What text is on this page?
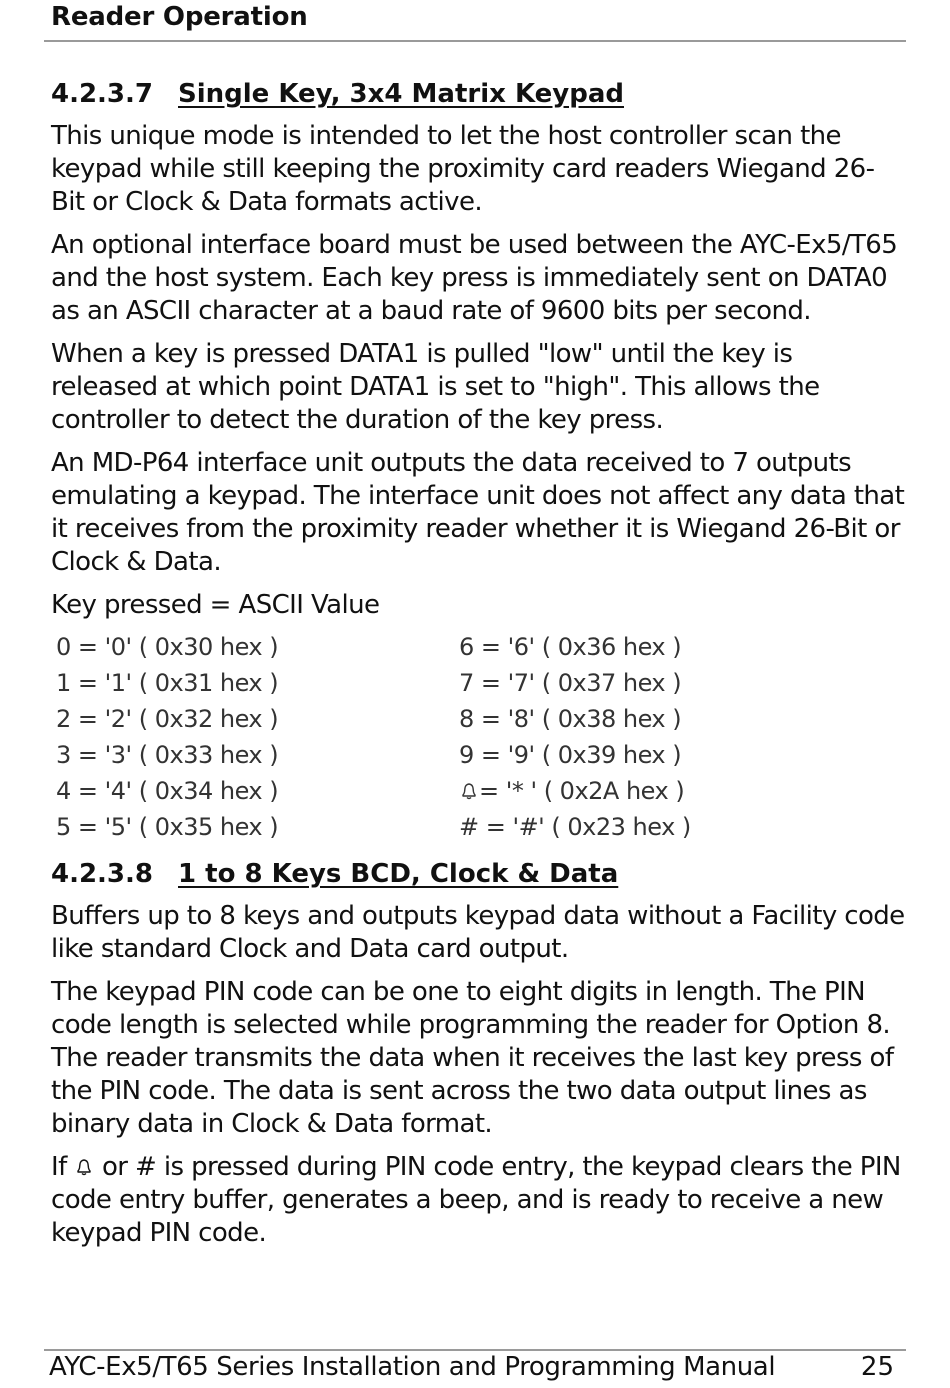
Reader Operation
4.2.3.7 Single Key, 3x4 Matrix Keypad

This unique mode is intended to let the host controller scan the keypad while still keeping the proximity card readers Wiegand 26-Bit or Clock & Data formats active.

An optional interface board must be used between the AYC-Ex5/T65 and the host system. Each key press is immediately sent on DATA0 as an ASCII character at a baud rate of 9600 bits per second.

When a key is pressed DATA1 is pulled "low" until the key is released at which point DATA1 is set to "high". This allows the controller to detect the duration of the key press.

An MD-P64 interface unit outputs the data received to 7 outputs emulating a keypad. The interface unit does not affect any data that it receives from the proximity reader whether it is Wiegand 26-Bit or Clock & Data.

Key pressed = ASCII Value

0 = '0' ( 0x30 hex )	6 = '6' ( 0x36 hex )
1 = '1' ( 0x31 hex )	7 = '7' ( 0x37 hex )
2 = '2' ( 0x32 hex )	8 = '8' ( 0x38 hex )
3 = '3' ( 0x33 hex )	9 = '9' ( 0x39 hex )
4 = '4' ( 0x34 hex )	= '* ' ( 0x2A hex )
5 = '5' ( 0x35 hex )	# = '#' ( 0x23 hex )
4.2.3.8 1 to 8 Keys BCD, Clock & Data

Buffers up to 8 keys and outputs keypad data without a Facility code like standard Clock and Data card output.

The keypad PIN code can be one to eight digits in length. The PIN code length is selected while programming the reader for Option 8. The reader transmits the data when it receives the last key press of the PIN code. The data is sent across the two data output lines as binary data in Clock & Data format.

If or # is pressed during PIN code entry, the keypad clears the PIN code entry buffer, generates a beep, and is ready to receive a new keypad PIN code.

AYC-Ex5/T65 Series Installation and Programming Manual	25
